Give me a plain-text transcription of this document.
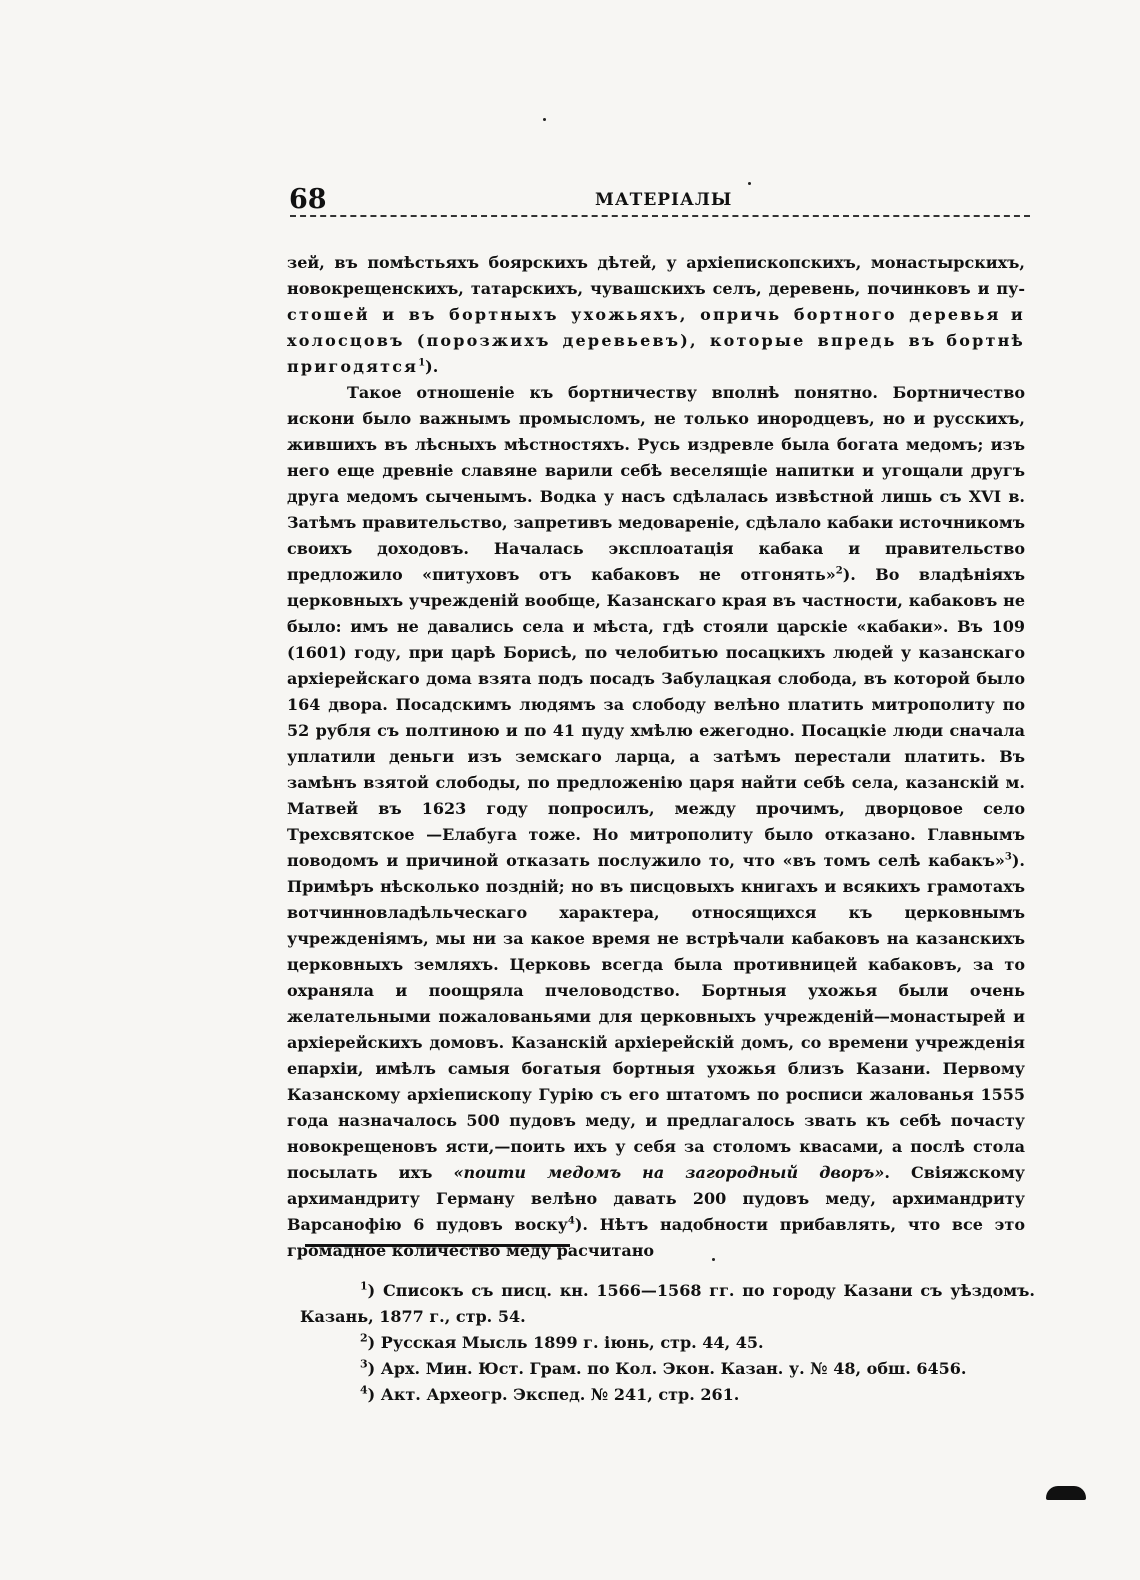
68	МАТЕРІАЛЫ

зей, въ помѣстьяхъ боярскихъ дѣтей, у архіепископскихъ, монастырскихъ, новокрещенскихъ, татарскихъ, чувашскихъ селъ, деревень, починковъ и пу- стошей и въ бортныхъ ухожьяхъ, опричь бортного деревья и холосцовъ (порозжихъ деревьевъ), которые впредь въ бортнѣ пригодятся$^1$).

Такое отношеніе къ бортничеству вполнѣ понятно. Бортничество искони было важнымъ промысломъ, не только инородцевъ, но и русскихъ, жившихъ въ лѣсныхъ мѣстностяхъ. Русь издревле была богата медомъ; изъ него еще древніе славяне варили себѣ веселящіе напитки и угощали другъ друга медомъ сыченымъ. Водка у насъ сдѣлалась извѣстной лишь съ XVI в. Затѣмъ правительство, запретивъ медовареніе, сдѣлало кабаки источникомъ своихъ доходовъ. Началась эксплоатація кабака и правительство предложило «питуховъ отъ кабаковъ не отгонять»$^2$). Во владѣніяхъ церковныхъ учрежденій вообще, Казанскаго края въ частности, кабаковъ не было: имъ не давались села и мѣста, гдѣ стояли царскіе «кабаки». Въ 109 (1601) году, при царѣ Борисѣ, по челобитью посацкихъ людей у казанскаго архіерейскаго дома взята подъ посадъ Забулацкая слобода, въ которой было 164 двора. Посадскимъ людямъ за слободу велѣно платить митрополиту по 52 рубля съ полтиною и по 41 пуду хмѣлю ежегодно. Посацкіе люди сначала уплатили деньги изъ земскаго ларца, а затѣмъ перестали платить. Въ замѣнъ взятой слободы, по предложенію царя найти себѣ села, казанскій м. Матвей въ 1623 году попросилъ, между прочимъ, дворцовое село Трехсвятское —Елабуга тоже. Но митрополиту было отказано. Главнымъ поводомъ и причиной отказать послужило то, что «въ томъ селѣ кабакъ»$^3$). Примѣръ нѣсколько поздній; но въ писцовыхъ книгахъ и всякихъ грамотахъ вотчинновладѣльческаго характера, относящихся къ церковнымъ учрежденіямъ, мы ни за какое время не встрѣчали кабаковъ на казанскихъ церковныхъ земляхъ. Церковь всегда была противницей кабаковъ, за то охраняла и поощряла пчеловодство. Бортныя ухожья были очень желательными пожалованьями для церковныхъ учрежденій—монастырей и архіерейскихъ домовъ. Казанскій архіерейскій домъ, со времени учрежденія епархіи, имѣлъ самыя богатыя бортныя ухожья близъ Казани. Первому Казанскому архіепископу Гурію съ его штатомъ по росписи жалованья 1555 года назначалось 500 пудовъ меду, и предлагалось звать къ себѣ почасту новокрещеновъ ясти,—поить ихъ у себя за столомъ квасами, а послѣ стола посылать ихъ «поити медомъ на загородный дворъ». Свіяжскому архимандриту Герману велѣно давать 200 пудовъ меду, архимандриту Варсанофію 6 пудовъ воску$^4$). Нѣтъ надобности прибавлять, что все это громадное количество меду расчитано

$^1$) Списокъ съ писц. кн. 1566—1568 гг. по городу Казани съ уѣздомъ. Казань, 1877 г., стр. 54.

$^2$) Русская Мысль 1899 г. іюнь, стр. 44, 45.

$^3$) Арх. Мин. Юст. Грам. по Кол. Экон. Казан. у. № 48, обш. 6456.

$^4$) Акт. Археогр. Экспед. № 241, стр. 261.
